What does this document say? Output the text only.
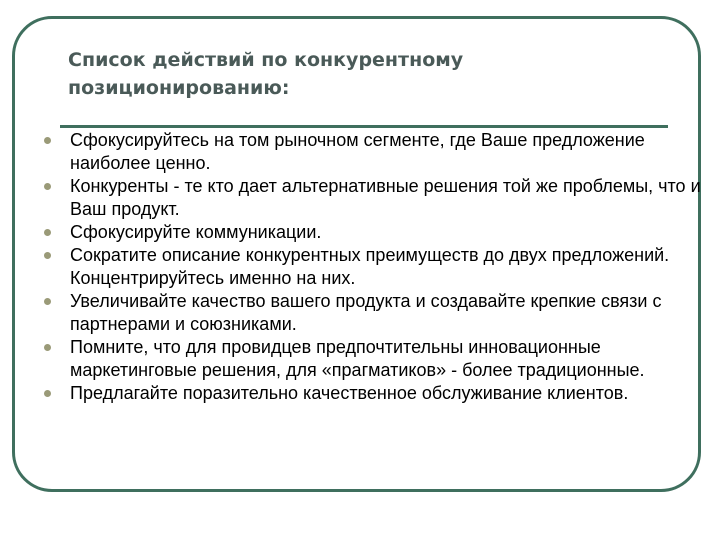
Список действий по конкурентному позиционированию:
Сфокусируйтесь на том рыночном сегменте, где Ваше предложение наиболее ценно.
Конкуренты - те кто дает альтернативные решения той же проблемы, что и Ваш продукт.
Сфокусируйте коммуникации.
Сократите описание конкурентных преимуществ до двух предложений. Концентрируйтесь именно на них.
Увеличивайте качество вашего продукта и создавайте крепкие связи с партнерами и союзниками.
Помните, что для провидцев предпочтительны инновационные маркетинговые решения, для «прагматиков» - более традиционные.
Предлагайте поразительно качественное обслуживание клиентов.
